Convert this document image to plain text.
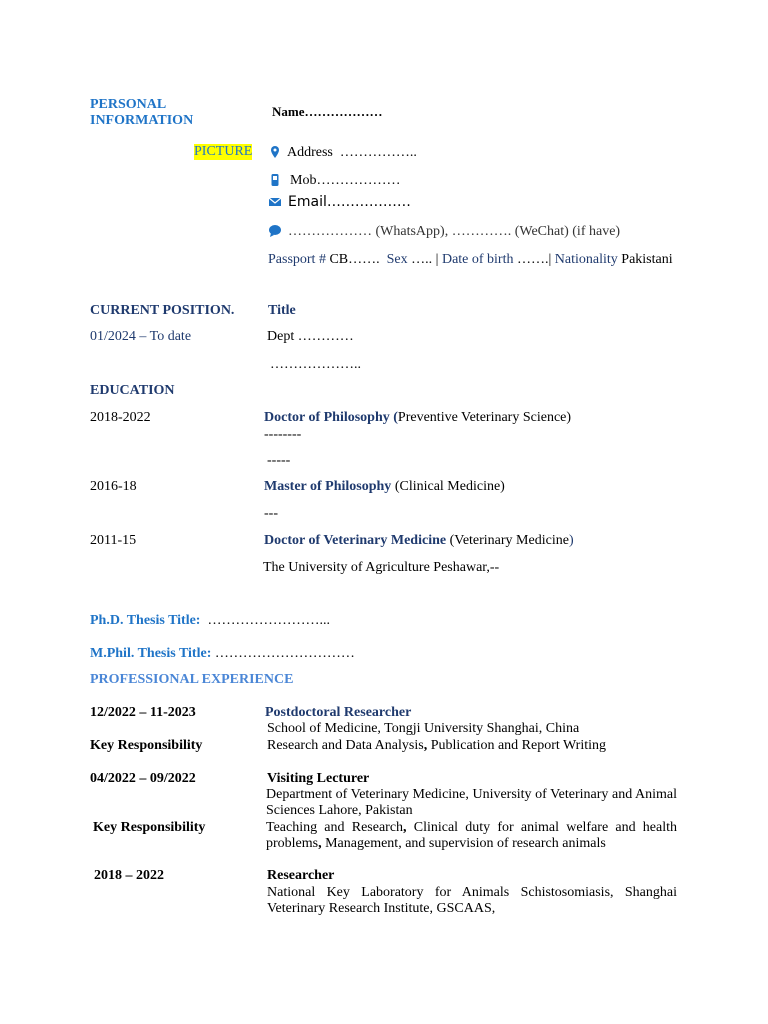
PERSONAL
INFORMATION
Name………………
PICTURE Address ……………..
Mob………………
Email………………
……………… (WhatsApp), …………. (WeChat) (if have)
Passport # CB……. Sex ….. | Date of birth …….| Nationality Pakistani
CURRENT POSITION. Title
01/2024 – To date	Dept …………
………………..
EDUCATION
2018-2022	Doctor of Philosophy (Preventive Veterinary Science)
--------
-----
2016-18	Master of Philosophy (Clinical Medicine)
---
2011-15	Doctor of Veterinary Medicine (Veterinary Medicine)
The University of Agriculture Peshawar,--
Ph.D. Thesis Title: ……………………...
M.Phil. Thesis Title: …………………………
PROFESSIONAL EXPERIENCE
12/2022 – 11-2023	Postdoctoral Researcher
School of Medicine, Tongji University Shanghai, China
Key Responsibility	Research and Data Analysis, Publication and Report Writing
04/2022 – 09/2022	Visiting Lecturer
Department of Veterinary Medicine, University of Veterinary and Animal Sciences Lahore, Pakistan
Key Responsibility	Teaching and Research, Clinical duty for animal welfare and health problems, Management, and supervision of research animals
2018 – 2022	Researcher
National Key Laboratory for Animals Schistosomiasis, Shanghai Veterinary Research Institute, GSCAAS,
